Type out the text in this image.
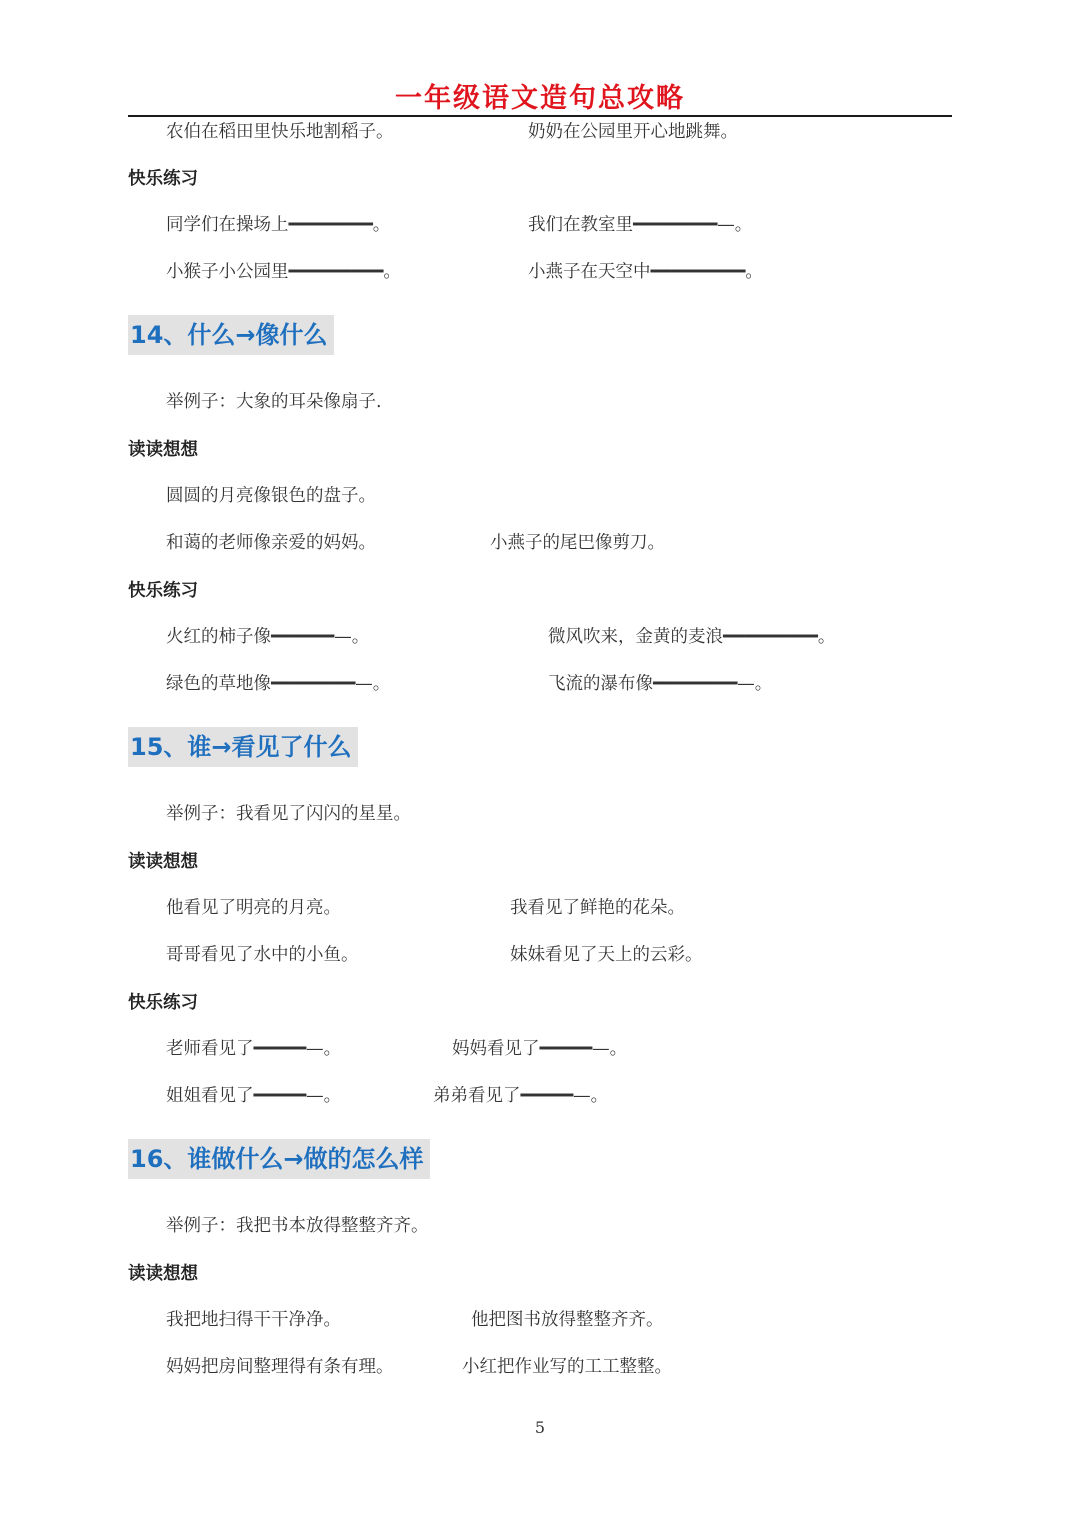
一年级语文造句总攻略
农伯在稻田里快乐地割稻子。	奶奶在公园里开心地跳舞。
快乐练习
同学们在操场上━━━━━━━━。	我们在教室里━━━━━━━━—。
小猴子小公园里━━━━━━━━━。	小燕子在天空中━━━━━━━━━。
14、什么→像什么
举例子：大象的耳朵像扇子.
读读想想
圆圆的月亮像银色的盘子。
和蔼的老师像亲爱的妈妈。	小燕子的尾巴像剪刀。
快乐练习
火红的柿子像━━━━━━—。	微风吹来，金黄的麦浪━━━━━━━━━。
绿色的草地像━━━━━━━━—。	飞流的瀑布像━━━━━━━━—。
15、谁→看见了什么
举例子：我看见了闪闪的星星。
读读想想
他看见了明亮的月亮。	我看见了鲜艳的花朵。
哥哥看见了水中的小鱼。	妹妹看见了天上的云彩。
快乐练习
老师看见了━━━━━—。	妈妈看见了━━━━━—。
姐姐看见了━━━━━—。	弟弟看见了━━━━━—。
16、谁做什么→做的怎么样
举例子：我把书本放得整整齐齐。
读读想想
我把地扫得干干净净。	他把图书放得整整齐齐。
妈妈把房间整理得有条有理。	小红把作业写的工工整整。
5
